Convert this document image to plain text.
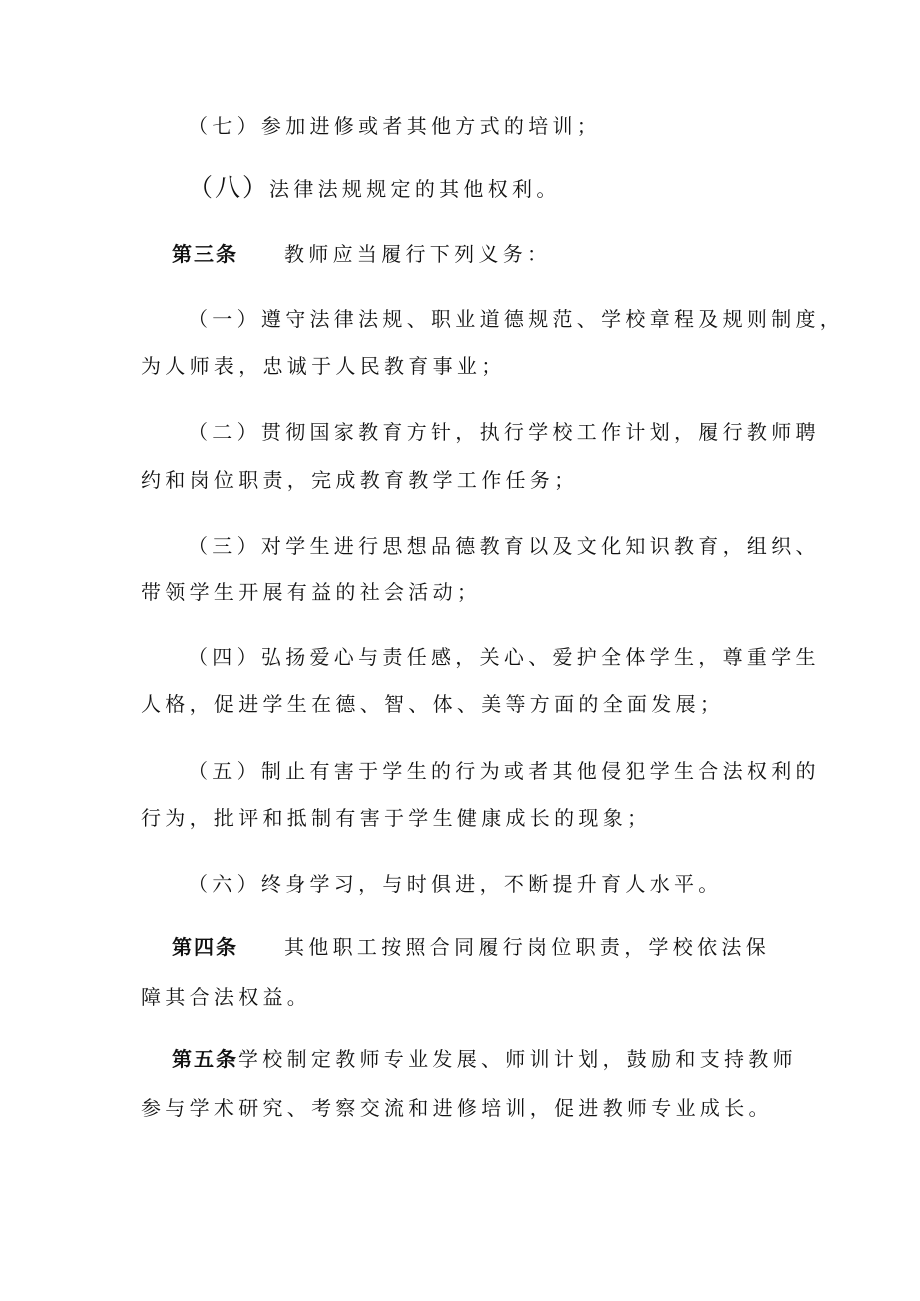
（七）参加进修或者其他方式的培训；
（八）法律法规规定的其他权利。
第三条 教师应当履行下列义务：
（一）遵守法律法规、职业道德规范、学校章程及规则制度，
为人师表，忠诚于人民教育事业；
（二）贯彻国家教育方针，执行学校工作计划，履行教师聘
约和岗位职责，完成教育教学工作任务；
（三）对学生进行思想品德教育以及文化知识教育，组织、
带领学生开展有益的社会活动；
（四）弘扬爱心与责任感，关心、爱护全体学生，尊重学生
人格，促进学生在德、智、体、美等方面的全面发展；
（五）制止有害于学生的行为或者其他侵犯学生合法权利的
行为，批评和抵制有害于学生健康成长的现象；
（六）终身学习，与时俱进，不断提升育人水平。
第四条 其他职工按照合同履行岗位职责，学校依法保
障其合法权益。
第五条学校制定教师专业发展、师训计划，鼓励和支持教师
参与学术研究、考察交流和进修培训，促进教师专业成长。
